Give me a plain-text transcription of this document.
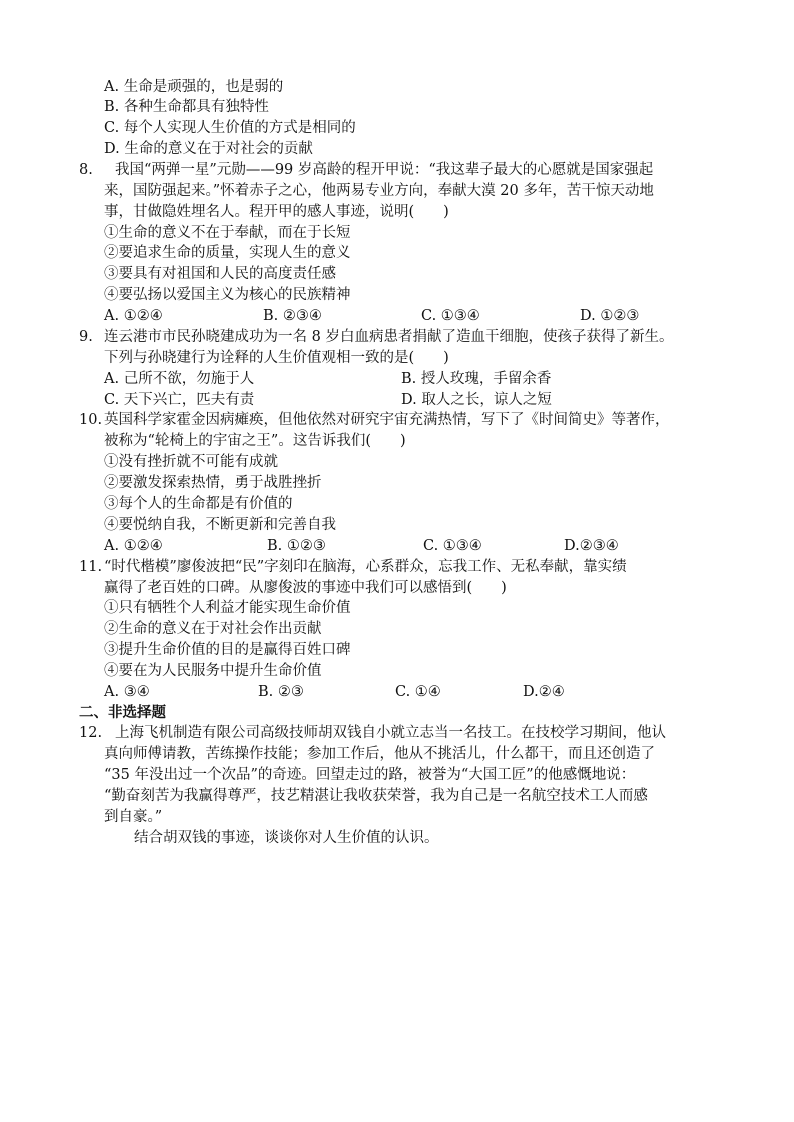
A. 生命是顽强的，也是弱的
B. 各种生命都具有独特性
C. 每个人实现人生价值的方式是相同的
D. 生命的意义在于对社会的贡献
8. 我国“两弹一星”元勋——99 岁高龄的程开甲说：“我这辈子最大的心愿就是国家强起
来，国防强起来。”怀着赤子之心，他两易专业方向，奉献大漠 20 多年，苦干惊天动地
事，甘做隐姓埋名人。程开甲的感人事迹，说明(　　)
①生命的意义不在于奉献，而在于长短
②要追求生命的质量，实现人生的意义
③要具有对祖国和人民的高度责任感
④要弘扬以爱国主义为核心的民族精神
A. ①②④	B. ②③④	C. ①③④	D. ①②③
9. 连云港市市民孙晓建成功为一名 8 岁白血病患者捐献了造血干细胞，使孩子获得了新生。
下列与孙晓建行为诠释的人生价值观相一致的是(　　)
A. 己所不欲，勿施于人	B. 授人玫瑰，手留余香
C. 天下兴亡，匹夫有责	D. 取人之长，谅人之短
10. 英国科学家霍金因病瘫痪，但他依然对研究宇宙充满热情，写下了《时间简史》等著作，
被称为“轮椅上的宇宙之王”。这告诉我们(　　)
①没有挫折就不可能有成就
②要激发探索热情，勇于战胜挫折
③每个人的生命都是有价值的
④要悦纳自我，不断更新和完善自我
A. ①②④	B. ①②③	C. ①③④	D.②③④
11. “时代楷模”廖俊波把“民”字刻印在脑海，心系群众，忘我工作、无私奉献，靠实绩
赢得了老百姓的口碑。从廖俊波的事迹中我们可以感悟到(　　)
①只有牺牲个人利益才能实现生命价值
②生命的意义在于对社会作出贡献
③提升生命价值的目的是赢得百姓口碑
④要在为人民服务中提升生命价值
A. ③④	B. ②③	C. ①④	D.②④
二、非选择题
12. 上海飞机制造有限公司高级技师胡双钱自小就立志当一名技工。在技校学习期间，他认
真向师傅请教，苦练操作技能；参加工作后，他从不挑活儿，什么都干，而且还创造了
“35 年没出过一个次品”的奇迹。回望走过的路，被誉为“大国工匠”的他感慨地说：
“勤奋刻苦为我赢得尊严，技艺精湛让我收获荣誉，我为自己是一名航空技术工人而感
到自豪。”
结合胡双钱的事迹，谈谈你对人生价值的认识。
